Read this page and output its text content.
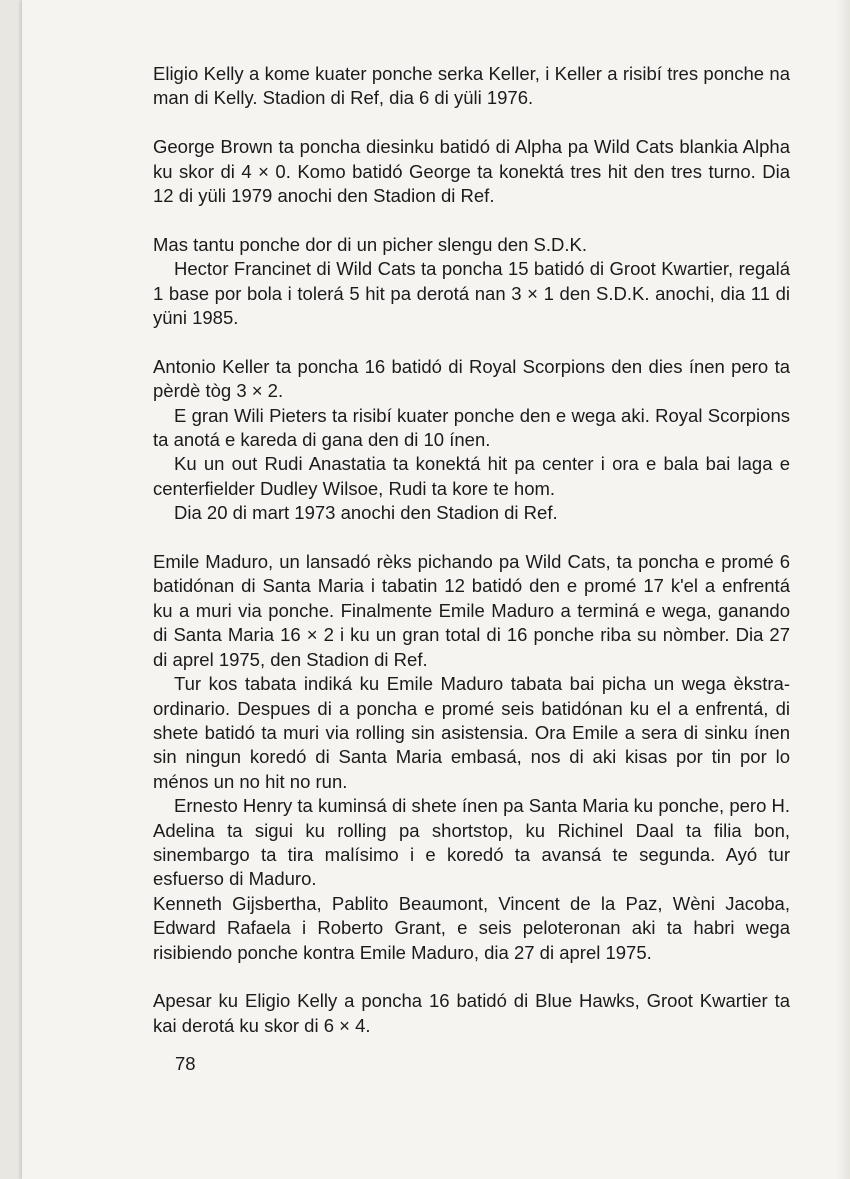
Eligio Kelly a kome kuater ponche serka Keller, i Keller a risibí tres ponche na man di Kelly. Stadion di Ref, dia 6 di yüli 1976.

George Brown ta poncha diesinku batidó di Alpha pa Wild Cats blankia Alpha ku skor di 4 × 0. Komo batidó George ta konektá tres hit den tres turno. Dia 12 di yüli 1979 anochi den Stadion di Ref.

Mas tantu ponche dor di un picher slengu den S.D.K.

Hector Francinet di Wild Cats ta poncha 15 batidó di Groot Kwartier, regalá 1 base por bola i tolerá 5 hit pa derotá nan 3 × 1 den S.D.K. anochi, dia 11 di yüni 1985.

Antonio Keller ta poncha 16 batidó di Royal Scorpions den dies ínen pero ta pèrdè tòg 3 × 2.

E gran Wili Pieters ta risibí kuater ponche den e wega aki. Royal Scorpions ta anotá e kareda di gana den di 10 ínen.

Ku un out Rudi Anastatia ta konektá hit pa center i ora e bala bai laga e centerfielder Dudley Wilsoe, Rudi ta kore te hom.

Dia 20 di mart 1973 anochi den Stadion di Ref.

Emile Maduro, un lansadó rèks pichando pa Wild Cats, ta poncha e promé 6 batidónan di Santa Maria i tabatin 12 batidó den e promé 17 k'el a enfrentá ku a muri via ponche. Finalmente Emile Maduro a terminá e wega, ganando di Santa Maria 16 × 2 i ku un gran total di 16 ponche riba su nòmber. Dia 27 di aprel 1975, den Stadion di Ref.

Tur kos tabata indiká ku Emile Maduro tabata bai picha un wega èkstra-ordinario. Despues di a poncha e promé seis batidónan ku el a enfrentá, di shete batidó ta muri via rolling sin asistensia. Ora Emile a sera di sinku ínen sin ningun koredó di Santa Maria embasá, nos di aki kisas por tin por lo ménos un no hit no run.

Ernesto Henry ta kuminsá di shete ínen pa Santa Maria ku ponche, pero H. Adelina ta sigui ku rolling pa shortstop, ku Richinel Daal ta filia bon, sinembargo ta tira malísimo i e koredó ta avansá te segunda. Ayó tur esfuerso di Maduro.

Kenneth Gijsbertha, Pablito Beaumont, Vincent de la Paz, Wèni Jacoba, Edward Rafaela i Roberto Grant, e seis peloteronan aki ta habri wega risibiendo ponche kontra Emile Maduro, dia 27 di aprel 1975.

Apesar ku Eligio Kelly a poncha 16 batidó di Blue Hawks, Groot Kwartier ta kai derotá ku skor di 6 × 4.

78
